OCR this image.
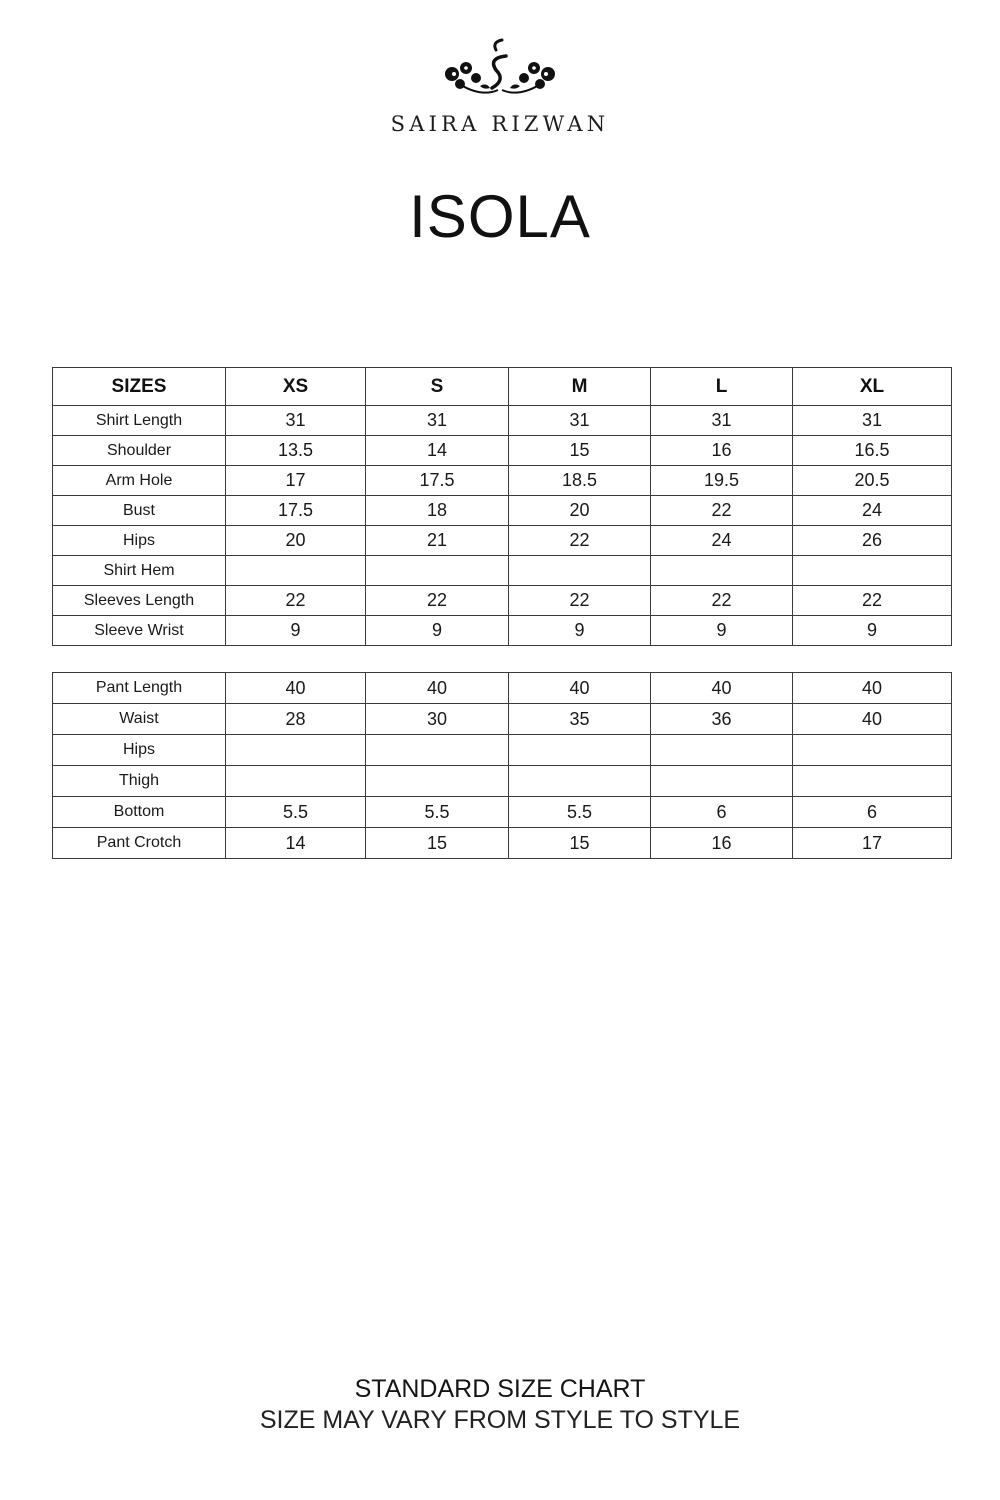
SAIRA RIZWAN
ISOLA
SIZES	XS	S	M	L	XL
Shirt Length	31	31	31	31	31
Shoulder	13.5	14	15	16	16.5
Arm Hole	17	17.5	18.5	19.5	20.5
Bust	17.5	18	20	22	24
Hips	20	21	22	24	26
Shirt Hem					
Sleeves Length	22	22	22	22	22
Sleeve Wrist	9	9	9	9	9
Pant Length	40	40	40	40	40
Waist	28	30	35	36	40
Hips					
Thigh					
Bottom	5.5	5.5	5.5	6	6
Pant Crotch	14	15	15	16	17
STANDARD SIZE CHART
SIZE MAY VARY FROM STYLE TO STYLE
